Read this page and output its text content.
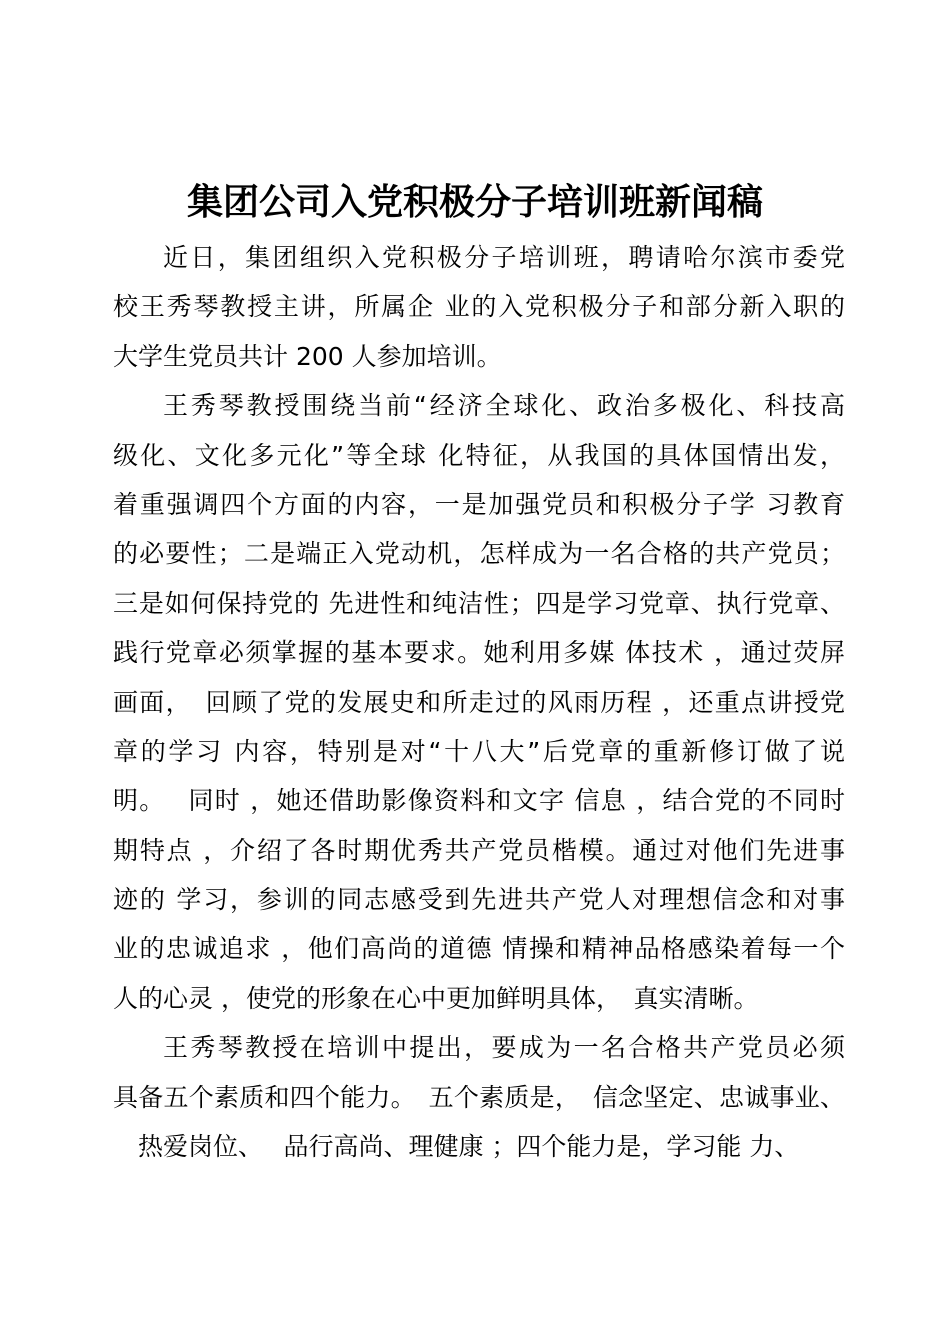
集团公司入党积极分子培训班新闻稿
近日，集团组织入党积极分子培训班，聘请哈尔滨市委党
校王秀琴教授主讲，所属企 业的入党积极分子和部分新入职的
大学生党员共计 200 人参加培训。
王秀琴教授围绕当前“经济全球化、政治多极化、科技高
级化、文化多元化”等全球 化特征，从我国的具体国情出发，
着重强调四个方面的内容，一是加强党员和积极分子学 习教育
的必要性；二是端正入党动机，怎样成为一名合格的共产党员；
三是如何保持党的 先进性和纯洁性；四是学习党章、执行党章、
践行党章必须掌握的基本要求。她利用多媒 体技术 ，通过荧屏
画面，　回顾了党的发展史和所走过的风雨历程 ，还重点讲授党
章的学习 内容，特别是对“十八大”后党章的重新修订做了说
明。　 同时 ，她还借助影像资料和文字 信息 ，结合党的不同时
期特点 ，介绍了各时期优秀共产党员楷模。通过对他们先进事
迹的 学习，参训的同志感受到先进共产党人对理想信念和对事
业的忠诚追求 ，他们高尚的道德 情操和精神品格感染着每一个
人的心灵 ，使党的形象在心中更加鲜明具体，　真实清晰。
王秀琴教授在培训中提出，要成为一名合格共产党员必须
具备五个素质和四个能力。　五个素质是，　信念坚定、忠诚事业、
　热爱岗位、　 品行高尚、理健康 ；四个能力是，学习能 力、
